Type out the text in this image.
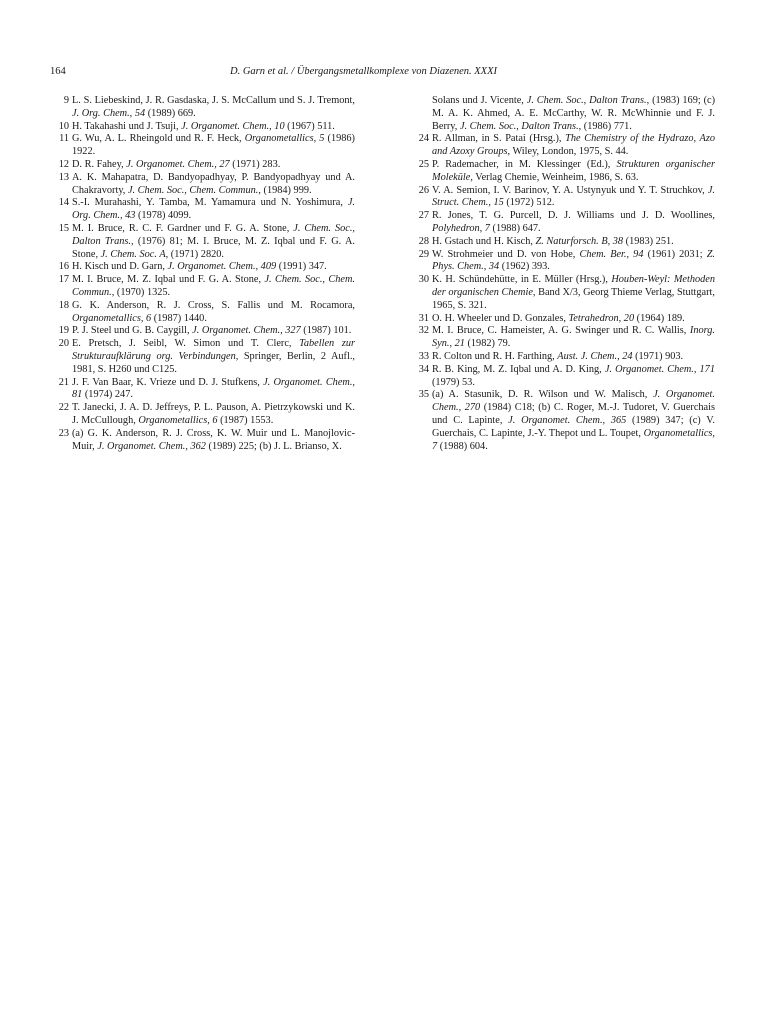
164	D. Garn et al. / Übergangsmetallkomplexe von Diazenen. XXXI
9 L. S. Liebeskind, J. R. Gasdaska, J. S. McCallum und S. J. Tremont, J. Org. Chem., 54 (1989) 669.
10 H. Takahashi und J. Tsuji, J. Organomet. Chem., 10 (1967) 511.
11 G. Wu, A. L. Rheingold und R. F. Heck, Organometallics, 5 (1986) 1922.
12 D. R. Fahey, J. Organomet. Chem., 27 (1971) 283.
13 A. K. Mahapatra, D. Bandyopadhyay, P. Bandyopadhyay und A. Chakravorty, J. Chem. Soc., Chem. Commun., (1984) 999.
14 S.-I. Murahashi, Y. Tamba, M. Yamamura und N. Yoshimura, J. Org. Chem., 43 (1978) 4099.
15 M. I. Bruce, R. C. F. Gardner und F. G. A. Stone, J. Chem. Soc., Dalton Trans., (1976) 81; M. I. Bruce, M. Z. Iqbal und F. G. A. Stone, J. Chem. Soc. A, (1971) 2820.
16 H. Kisch und D. Garn, J. Organomet. Chem., 409 (1991) 347.
17 M. I. Bruce, M. Z. Iqbal und F. G. A. Stone, J. Chem. Soc., Chem. Commun., (1970) 1325.
18 G. K. Anderson, R. J. Cross, S. Fallis und M. Rocamora, Organometallics, 6 (1987) 1440.
19 P. J. Steel und G. B. Caygill, J. Organomet. Chem., 327 (1987) 101.
20 E. Pretsch, J. Seibl, W. Simon und T. Clerc, Tabellen zur Strukturaufklärung org. Verbindungen, Springer, Berlin, 2 Aufl., 1981, S. H260 und C125.
21 J. F. Van Baar, K. Vrieze und D. J. Stufkens, J. Organomet. Chem., 81 (1974) 247.
22 T. Janecki, J. A. D. Jeffreys, P. L. Pauson, A. Pietrzykowski und K. J. McCullough, Organometallics, 6 (1987) 1553.
23 (a) G. K. Anderson, R. J. Cross, K. W. Muir und L. Manojlovic-Muir, J. Organomet. Chem., 362 (1989) 225; (b) J. L. Brianso, X.
Solans und J. Vicente, J. Chem. Soc., Dalton Trans., (1983) 169; (c) M. A. K. Ahmed, A. E. McCarthy, W. R. McWhinnie und F. J. Berry, J. Chem. Soc., Dalton Trans., (1986) 771.
24 R. Allman, in S. Patai (Hrsg.), The Chemistry of the Hydrazo, Azo and Azoxy Groups, Wiley, London, 1975, S. 44.
25 P. Rademacher, in M. Klessinger (Ed.), Strukturen organischer Moleküle, Verlag Chemie, Weinheim, 1986, S. 63.
26 V. A. Semion, I. V. Barinov, Y. A. Ustynyuk und Y. T. Struchkov, J. Struct. Chem., 15 (1972) 512.
27 R. Jones, T. G. Purcell, D. J. Williams und J. D. Woollines, Polyhedron, 7 (1988) 647.
28 H. Gstach und H. Kisch, Z. Naturforsch. B, 38 (1983) 251.
29 W. Strohmeier und D. von Hobe, Chem. Ber., 94 (1961) 2031; Z. Phys. Chem., 34 (1962) 393.
30 K. H. Schündehütte, in E. Müller (Hrsg.), Houben-Weyl: Methoden der organischen Chemie, Band X/3, Georg Thieme Verlag, Stuttgart, 1965, S. 321.
31 O. H. Wheeler und D. Gonzales, Tetrahedron, 20 (1964) 189.
32 M. I. Bruce, C. Hameister, A. G. Swinger und R. C. Wallis, Inorg. Syn., 21 (1982) 79.
33 R. Colton und R. H. Farthing, Aust. J. Chem., 24 (1971) 903.
34 R. B. King, M. Z. Iqbal und A. D. King, J. Organomet. Chem., 171 (1979) 53.
35 (a) A. Stasunik, D. R. Wilson und W. Malisch, J. Organomet. Chem., 270 (1984) C18; (b) C. Roger, M.-J. Tudoret, V. Guerchais und C. Lapinte, J. Organomet. Chem., 365 (1989) 347; (c) V. Guerchais, C. Lapinte, J.-Y. Thepot und L. Toupet, Organometallics, 7 (1988) 604.
